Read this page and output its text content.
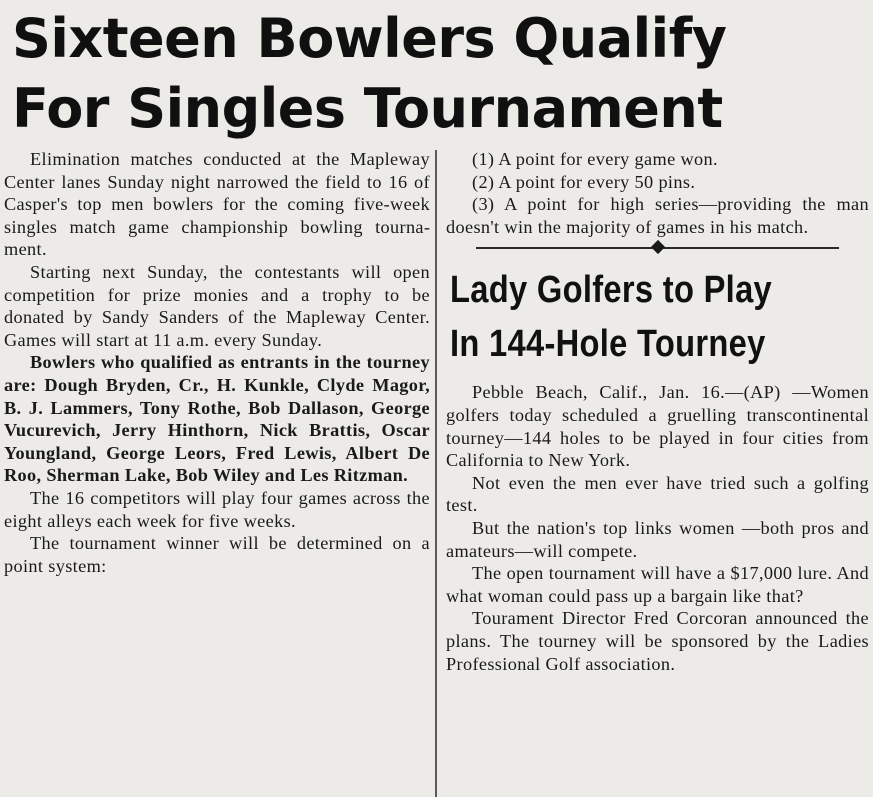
Sixteen Bowlers Qualify
For Singles Tournament

Elimination matches conducted at the Mapleway Center lanes Sunday night narrowed the field to 16 of Casper's top men bowlers for the coming five-week singles match game championship bowling tournament.

Starting next Sunday, the contestants will open competition for prize monies and a trophy to be donated by Sandy Sanders of the Mapleway Center. Games will start at 11 a.m. every Sunday.

Bowlers who qualified as entrants in the tourney are: Dough Bryden, Cr., H. Kunkle, Clyde Magor, B. J. Lammers, Tony Rothe, Bob Dallason, George Vucurevich, Jerry Hinthorn, Nick Brattis, Oscar Youngland, George Leors, Fred Lewis, Albert De Roo, Sherman Lake, Bob Wiley and Les Ritzman.

The 16 competitors will play four games across the eight alleys each week for five weeks.

The tournament winner will be determined on a point system:

(1) A point for every game won.
(2) A point for every 50 pins.
(3) A point for high series—providing the man doesn't win the majority of games in his match.
Lady Golfers to Play
In 144-Hole Tourney

Pebble Beach, Calif., Jan. 16.—(AP) —Women golfers today scheduled a gruelling transcontinental tourney—144 holes to be played in four cities from California to New York.

Not even the men ever have tried such a golfing test.

But the nation's top links women —both pros and amateurs—will compete.

The open tournament will have a $17,000 lure. And what woman could pass up a bargain like that?

Tourament Director Fred Corcoran announced the plans. The tourney will be sponsored by the Ladies Professional Golf association.
